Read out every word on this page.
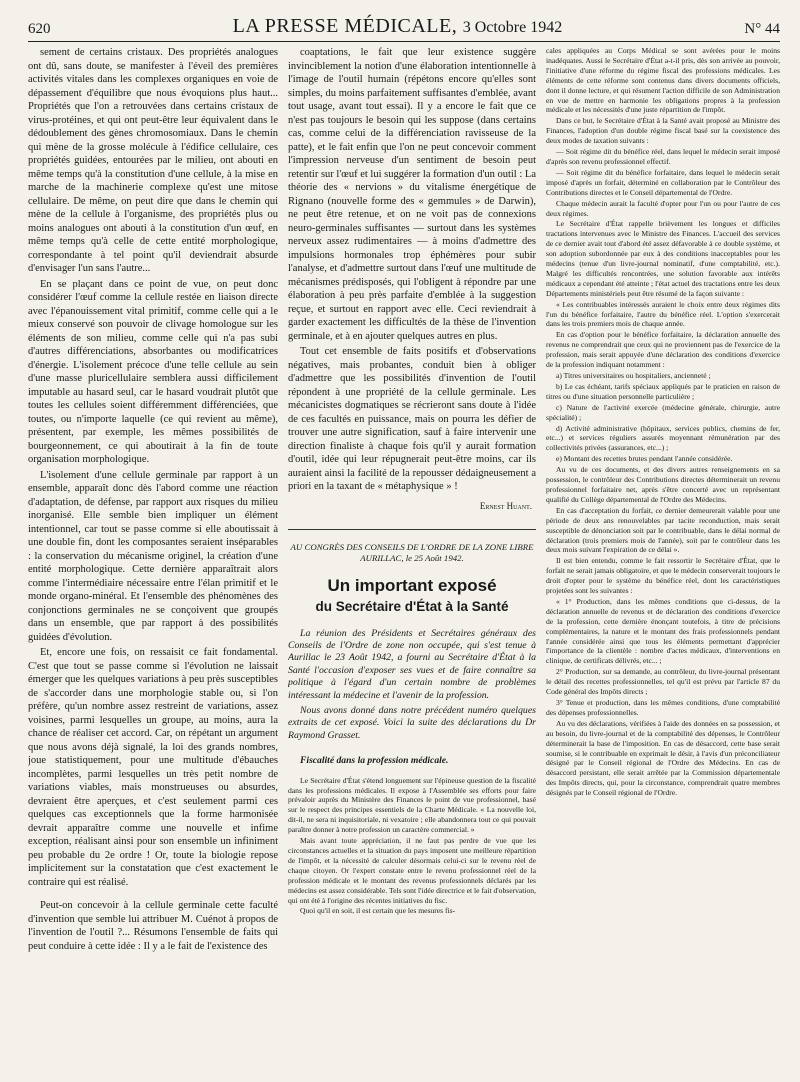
620	LA PRESSE MÉDICALE, 3 Octobre 1942	N° 44

sement de certains cristaux. Des propriétés analogues ont dû, sans doute, se manifester à l'éveil des premières activités vitales dans les complexes organiques en voie de dépassement d'équilibre que nous évoquions plus haut... Propriétés que l'on a retrouvées dans certains cristaux de virus-protéines, et qui ont peut-être leur équivalent dans le dédoublement des gènes chromosomiaux. Dans le chemin qui mène de la grosse molécule à l'édifice cellulaire, ces propriétés guidées, entourées par le milieu, ont abouti en même temps qu'à la constitution d'une cellule, à la mise en marche de la machinerie complexe qu'est une mitose cellulaire. De même, on peut dire que dans le chemin qui mène de la cellule à l'organisme, des propriétés plus ou moins analogues ont abouti à la constitution d'un œuf, en même temps qu'à celle de cette entité morphologique, correspondante à tel point qu'il deviendrait absurde d'envisager l'un sans l'autre...

En se plaçant dans ce point de vue, on peut donc considérer l'œuf comme la cellule restée en liaison directe avec l'épanouissement vital primitif, comme celle qui a le mieux conservé son pouvoir de clivage homologue sur les éléments de son milieu, comme celle qui n'a pas subi d'autres différenciations, absorbantes ou modificatrices d'énergie. L'isolement précoce d'une telle cellule au sein d'une masse pluricellulaire semblera aussi difficilement imputable au hasard seul, car le hasard voudrait plutôt que toutes les cellules soient différemment différenciées, que toutes, ou n'importe laquelle (ce qui revient au même), présentent, par exemple, les mêmes possibilités de bourgeonnement, ce qui aboutirait à la fin de toute organisation morphologique.

L'isolement d'une cellule germinale par rapport à un ensemble, apparaît donc dès l'abord comme une réaction d'adaptation, de défense, par rapport aux risques du milieu inorganisé. Elle semble bien impliquer un élément intentionnel, car tout se passe comme si elle aboutissait à une double fin, dont les composantes seraient inséparables : la conservation du mécanisme originel, la création d'une entité morphologique. Cette dernière apparaîtrait alors comme l'intermédiaire nécessaire entre l'élan primitif et le monde organo-minéral. Et l'ensemble des phénomènes des conjonctions germinales ne se conçoivent que groupés dans un ensemble, que par rapport à des possibilités guidées d'évolution.

Et, encore une fois, on ressaisit ce fait fondamental. C'est que tout se passe comme si l'évolution ne laissait émerger que les quelques variations à peu près susceptibles de s'accorder dans une morphologie stable ou, si l'on préfère, qu'un nombre assez restreint de variations, assez voisines, parmi lesquelles un groupe, au moins, aura la chance de réaliser cet accord. Car, on répétant un argument que nous avons déjà signalé, la loi des grands nombres, joue statistiquement, pour une multitude d'ébauches incomplètes, parmi lesquelles un très petit nombre de variations viables, mais monstrueuses ou absurdes, devraient être aperçues, et c'est seulement parmi ces quelques cas exceptionnels que la forme harmonisée devrait apparaître comme une nouvelle et infime exception, réalisant ainsi pour son ensemble un infiniment peu probable du 2e ordre ! Or, toute la biologie repose implicitement sur la constatation que c'est exactement le contraire qui est réalisé.

Peut-on concevoir à la cellule germinale cette faculté d'invention que semble lui attribuer M. Cuénot à propos de l'invention de l'outil ?... Résumons l'ensemble de faits qui peut conduire à cette idée : Il y a le fait de l'existence des

coaptations, le fait que leur existence suggère invinciblement la notion d'une élaboration intentionnelle à l'image de l'outil humain (répétons encore qu'elles sont simples, du moins parfaitement suffisantes d'emblée, avant tout usage, avant tout essai). Il y a encore le fait que ce n'est pas toujours le besoin qui les suppose (dans certains cas, comme celui de la différenciation ravisseuse de la patte), et le fait enfin que l'on ne peut concevoir comment l'impression nerveuse d'un sentiment de besoin peut retentir sur l'œuf et lui suggérer la formation d'un outil : La théorie des « nervions » du vitalisme énergétique de Rignano (nouvelle forme des « gemmules » de Darwin), ne peut être retenue, et on ne voit pas de connexions neuro-germinales suffisantes — surtout dans les systèmes nerveux assez rudimentaires — à moins d'admettre des impulsions hormonales trop éphémères pour subir l'analyse, et d'admettre surtout dans l'œuf une multitude de mécanismes prédisposés, qui l'obligent à répondre par une élaboration à peu près parfaite d'emblée à la suggestion reçue, et surtout en rapport avec elle. Ceci reviendrait à garder exactement les difficultés de la thèse de l'invention germinale, et à en ajouter quelques autres en plus.

Tout cet ensemble de faits positifs et d'observations négatives, mais probantes, conduit bien à obliger d'admettre que les possibilités d'invention de l'outil répondent à une propriété de la cellule germinale. Les mécanicistes dogmatiques se récrieront sans doute à l'idée de ces facultés en puissance, mais on pourra les défier de trouver une autre signification, sauf à faire intervenir une direction finaliste à chaque fois qu'il y aurait formation d'outil, idée qui leur répugnerait peut-être moins, car ils auraient ainsi la facilité de la repousser dédaigneusement a priori en la taxant de « métaphysique » !

Ernest Huant.

AU CONGRÈS DES CONSEILS DE L'ORDRE DE LA ZONE LIBRE AURILLAC, le 25 Août 1942.

Un important exposé
du Secrétaire d'État à la Santé

La réunion des Présidents et Secrétaires généraux des Conseils de l'Ordre de zone non occupée, qui s'est tenue à Aurillac le 23 Août 1942, a fourni au Secrétaire d'État à la Santé l'occasion d'exposer ses vues et de faire connaître sa politique à l'égard d'un certain nombre de problèmes intéressant la médecine et l'avenir de la profession.

Nous avons donné dans notre précédent numéro quelques extraits de cet exposé. Voici la suite des déclarations du Dr Raymond Grasset.

Fiscalité dans la profession médicale.

Le Secrétaire d'État s'étend longuement sur l'épineuse question de la fiscalité dans les professions médicales. Il expose à l'Assemblée ses efforts pour faire prévaloir auprès du Ministère des Finances le point de vue professionnel, basé sur le respect des principes essentiels de la Charte Médicale. « La nouvelle loi, dit-il, ne sera ni inquisitoriale, ni vexatoire ; elle abandonnera tout ce qui pouvait paraître donner à notre profession un caractère commercial. »

Mais avant toute appréciation, il ne faut pas perdre de vue que les circonstances actuelles et la situation du pays imposent une meilleure répartition de l'impôt, et la nécessité de calculer désormais celui-ci sur le revenu réel de chaque citoyen. Or l'expert constate entre le revenu professionnel réel de la profession médicale et le montant des revenus professionnels déclarés par les médecins est assez considérable. Tels sont l'idée directrice et le fait d'observation, qui ont été à l'origine des récentes initiatives du fisc.

Quoi qu'il en soit, il est certain que les mesures fis-

cales appliquées au Corps Médical se sont avérées pour le moins inadéquates. Aussi le Secrétaire d'État a-t-il pris, dès son arrivée au pouvoir, l'initiative d'une réforme du régime fiscal des professions médicales. Les éléments de cette réforme sont contenus dans divers documents officiels, dont il donne lecture, et qui résument l'action difficile de son Administration en vue de mettre en harmonie les obligations propres à la profession médicale et les nécessités d'une juste répartition de l'impôt.

Dans ce but, le Secrétaire d'État à la Santé avait proposé au Ministre des Finances, l'adoption d'un double régime fiscal basé sur la coexistence des deux modes de taxation suivants :

— Soit régime dit du bénéfice réel, dans lequel le médecin serait imposé d'après son revenu professionnel effectif.

— Soit régime dit du bénéfice forfaitaire, dans lequel le médecin serait imposé d'après un forfait, déterminé en collaboration par le Contrôleur des Contributions directes et le Conseil départemental de l'Ordre.

Chaque médecin aurait la faculté d'opter pour l'un ou pour l'autre de ces deux régimes.

Le Secrétaire d'État rappelle brièvement les longues et difficiles tractations intervenues avec le Ministre des Finances. L'accueil des services de ce dernier avait tout d'abord été assez défavorable à ce double système, et son adoption subordonnée par eux à des conditions inacceptables pour les médecins (tenue d'un livre-journal nominatif, d'une comptabilité, etc.). Malgré les difficultés rencontrées, une solution favorable aux intérêts médicaux a cependant été atteinte ; l'état actuel des tractations entre les deux Départements ministériels peut être résumé de la façon suivante :

« Les contribuables intéressés auraient le choix entre deux régimes dits l'un du bénéfice forfaitaire, l'autre du bénéfice réel. L'option s'exercerait dans les trois premiers mois de chaque année.

En cas d'option pour le bénéfice forfaitaire, la déclaration annuelle des revenus ne comprendrait que ceux qui ne proviennent pas de l'exercice de la profession, mais serait appuyée d'une déclaration des conditions d'exercice de la profession indiquant notamment :

a) Titres universitaires ou hospitaliers, ancienneté ;

b) Le cas échéant, tarifs spéciaux appliqués par le praticien en raison de titres ou d'une situation personnelle particulière ;

c) Nature de l'activité exercée (médecine générale, chirurgie, autre spécialité) ;

d) Activité administrative (hôpitaux, services publics, chemins de fer, etc...) et services réguliers assurés moyennant rémunération par des collectivités privées (assurances, etc...) ;

e) Montant des recettes brutes pendant l'année considérée.

Au vu de ces documents, et des divers autres renseignements en sa possession, le contrôleur des Contributions directes déterminerait un revenu professionnel forfaitaire net, après s'être concerté avec un représentant qualifié du Collège départemental de l'Ordre des Médecins.

En cas d'acceptation du forfait, ce dernier demeurerait valable pour une période de deux ans renouvelables par tacite reconduction, mais serait susceptible de dénonciation soit par le contribuable, dans le délai normal de déclaration (trois premiers mois de l'année), soit par le contrôleur dans les deux mois suivant l'expiration de ce délai ».

Il est bien entendu, comme le fait ressortir le Secrétaire d'État, que le forfait ne serait jamais obligatoire, et que le médecin conserverait toujours le droit d'opter pour le système du bénéfice réel, dont les caractéristiques projetées sont les suivantes :

« 1° Production, dans les mêmes conditions que ci-dessus, de la déclaration annuelle de revenus et de déclaration des conditions d'exercice de la profession, cette dernière énonçant toutefois, à titre de précisions complémentaires, la nature et le montant des frais professionnels pendant l'année considérée ainsi que tous les éléments permettant d'apprécier l'importance de la clientèle : nombre d'actes médicaux, d'interventions en clinique, de certificats délivrés, etc... ;

2° Production, sur sa demande, au contrôleur, du livre-journal présentant le détail des recettes professionnelles, tel qu'il est prévu par l'article 87 du Code général des Impôts directs ;

3° Tenue et production, dans les mêmes conditions, d'une comptabilité des dépenses professionnelles.

Au vu des déclarations, vérifiées à l'aide des données en sa possession, et au besoin, du livre-journal et de la comptabilité des dépenses, le Contrôleur déterminerait la base de l'imposition. En cas de désaccord, cette base serait soumise, si le contribuable en exprimait le désir, à l'avis d'un préconciliateur désigné par le Conseil régional de l'Ordre des Médecins. En cas de désaccord persistant, elle serait arrêtée par la Commission départementale des Impôts directs, qui, pour la circonstance, comprendrait quatre membres désignés par le Conseil régional de l'Ordre.
